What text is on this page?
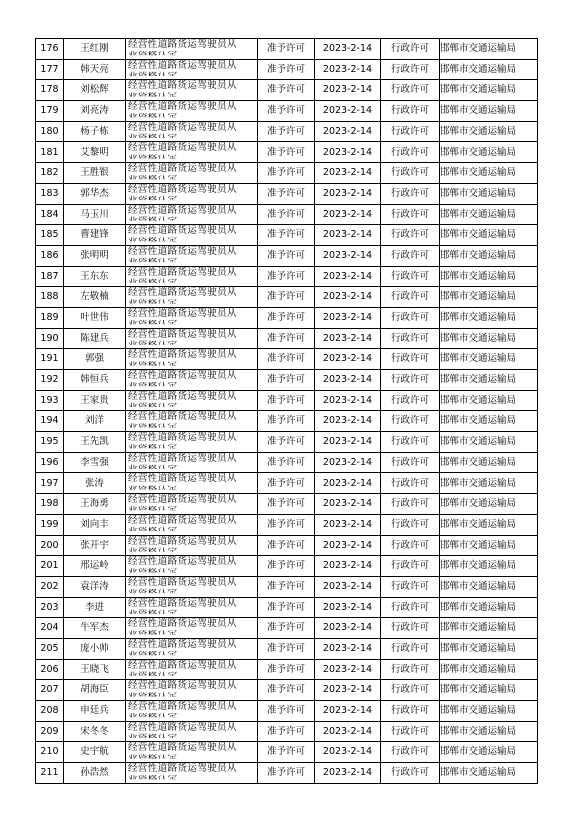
176	王红刚	经营性道路货运驾驶员从 业资格认定	准予许可	2023-2-14	行政许可	邯郸市交通运输局
177	韩天亮	经营性道路货运驾驶员从 业资格认定	准予许可	2023-2-14	行政许可	邯郸市交通运输局
178	刘松辉	经营性道路货运驾驶员从 业资格认定	准予许可	2023-2-14	行政许可	邯郸市交通运输局
179	刘亮涛	经营性道路货运驾驶员从 业资格认定	准予许可	2023-2-14	行政许可	邯郸市交通运输局
180	杨子栋	经营性道路货运驾驶员从 业资格认定	准予许可	2023-2-14	行政许可	邯郸市交通运输局
181	艾黎明	经营性道路货运驾驶员从 业资格认定	准予许可	2023-2-14	行政许可	邯郸市交通运输局
182	王胜银	经营性道路货运驾驶员从 业资格认定	准予许可	2023-2-14	行政许可	邯郸市交通运输局
183	郭华杰	经营性道路货运驾驶员从 业资格认定	准予许可	2023-2-14	行政许可	邯郸市交通运输局
184	马玉川	经营性道路货运驾驶员从 业资格认定	准予许可	2023-2-14	行政许可	邯郸市交通运输局
185	曹建锋	经营性道路货运驾驶员从 业资格认定	准予许可	2023-2-14	行政许可	邯郸市交通运输局
186	张明明	经营性道路货运驾驶员从 业资格认定	准予许可	2023-2-14	行政许可	邯郸市交通运输局
187	王东东	经营性道路货运驾驶员从 业资格认定	准予许可	2023-2-14	行政许可	邯郸市交通运输局
188	左敬楠	经营性道路货运驾驶员从 业资格认定	准予许可	2023-2-14	行政许可	邯郸市交通运输局
189	叶世伟	经营性道路货运驾驶员从 业资格认定	准予许可	2023-2-14	行政许可	邯郸市交通运输局
190	陈建兵	经营性道路货运驾驶员从 业资格认定	准予许可	2023-2-14	行政许可	邯郸市交通运输局
191	郭强	经营性道路货运驾驶员从 业资格认定	准予许可	2023-2-14	行政许可	邯郸市交通运输局
192	韩恒兵	经营性道路货运驾驶员从 业资格认定	准予许可	2023-2-14	行政许可	邯郸市交通运输局
193	王家贵	经营性道路货运驾驶员从 业资格认定	准予许可	2023-2-14	行政许可	邯郸市交通运输局
194	刘洋	经营性道路货运驾驶员从 业资格认定	准予许可	2023-2-14	行政许可	邯郸市交通运输局
195	王先凯	经营性道路货运驾驶员从 业资格认定	准予许可	2023-2-14	行政许可	邯郸市交通运输局
196	李雪强	经营性道路货运驾驶员从 业资格认定	准予许可	2023-2-14	行政许可	邯郸市交通运输局
197	张涛	经营性道路货运驾驶员从 业资格认定	准予许可	2023-2-14	行政许可	邯郸市交通运输局
198	王海勇	经营性道路货运驾驶员从 业资格认定	准予许可	2023-2-14	行政许可	邯郸市交通运输局
199	刘向丰	经营性道路货运驾驶员从 业资格认定	准予许可	2023-2-14	行政许可	邯郸市交通运输局
200	张开宇	经营性道路货运驾驶员从 业资格认定	准予许可	2023-2-14	行政许可	邯郸市交通运输局
201	邢运岭	经营性道路货运驾驶员从 业资格认定	准予许可	2023-2-14	行政许可	邯郸市交通运输局
202	袁洋涛	经营性道路货运驾驶员从 业资格认定	准予许可	2023-2-14	行政许可	邯郸市交通运输局
203	李进	经营性道路货运驾驶员从 业资格认定	准予许可	2023-2-14	行政许可	邯郸市交通运输局
204	牛军杰	经营性道路货运驾驶员从 业资格认定	准予许可	2023-2-14	行政许可	邯郸市交通运输局
205	庞小帅	经营性道路货运驾驶员从 业资格认定	准予许可	2023-2-14	行政许可	邯郸市交通运输局
206	王晓飞	经营性道路货运驾驶员从 业资格认定	准予许可	2023-2-14	行政许可	邯郸市交通运输局
207	胡海臣	经营性道路货运驾驶员从 业资格认定	准予许可	2023-2-14	行政许可	邯郸市交通运输局
208	申廷兵	经营性道路货运驾驶员从 业资格认定	准予许可	2023-2-14	行政许可	邯郸市交通运输局
209	宋冬冬	经营性道路货运驾驶员从 业资格认定	准予许可	2023-2-14	行政许可	邯郸市交通运输局
210	史宇航	经营性道路货运驾驶员从 业资格认定	准予许可	2023-2-14	行政许可	邯郸市交通运输局
211	孙浩然	经营性道路货运驾驶员从 业资格认定	准予许可	2023-2-14	行政许可	邯郸市交通运输局
